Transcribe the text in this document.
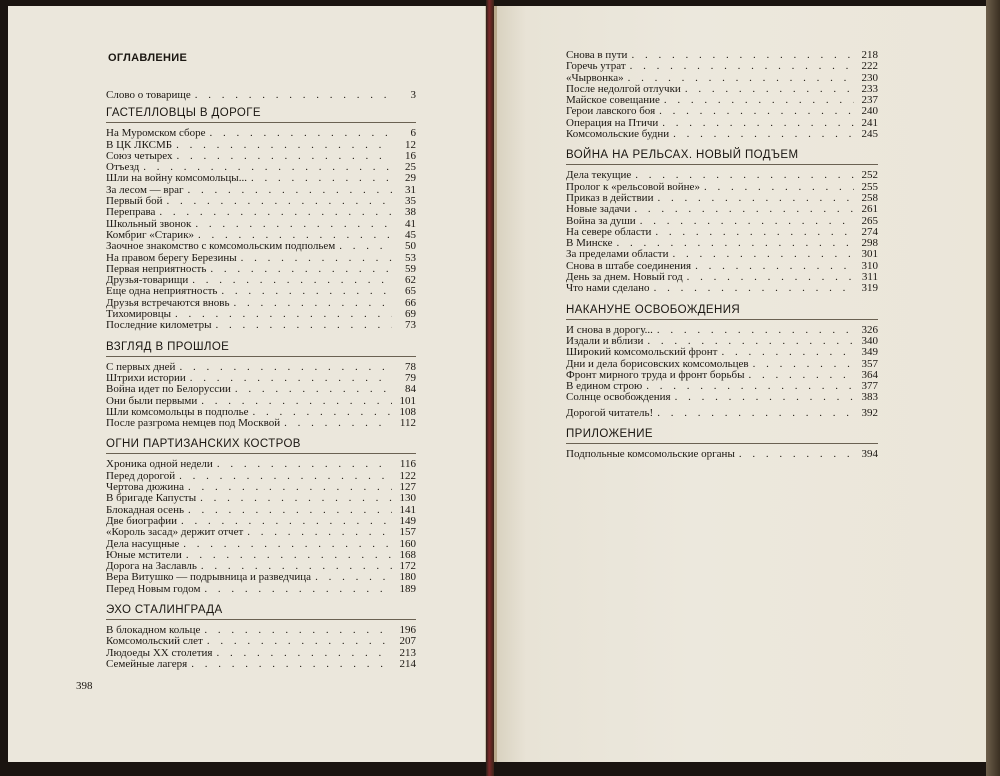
ОГЛАВЛЕНИЕ
Слово о товарище . . .	3
ГАСТЕЛЛОВЦЫ В ДОРОГЕ
На Муромском сборе . . .	6
В ЦК ЛКСМБ . . .	12
Союз четырех . . .	16
Отъезд . . .	25
Шли на войну комсомольцы... . . .	29
За лесом — враг . . .	31
Первый бой . . .	35
Переправа . . .	38
Школьный звонок . . .	41
Комбриг «Старик» . . .	45
Заочное знакомство с комсомольским подпольем . . .	50
На правом берегу Березины . . .	53
Первая неприятность . . .	59
Друзья-товарищи . . .	62
Еще одна неприятность . . .	65
Друзья встречаются вновь . . .	66
Тихомировцы . . .	69
Последние километры . . .	73
ВЗГЛЯД В ПРОШЛОЕ
С первых дней . . .	78
Штрихи истории . . .	79
Война идет по Белоруссии . . .	84
Они были первыми . . .	101
Шли комсомольцы в подполье . . .	108
После разгрома немцев под Москвой . . .	112
ОГНИ ПАРТИЗАНСКИХ КОСТРОВ
Хроника одной недели . . .	116
Перед дорогой . . .	122
Чертова дюжина . . .	127
В бригаде Капусты . . .	130
Блокадная осень . . .	141
Две биографии . . .	149
«Король засад» держит отчет . . .	157
Дела насущные . . .	160
Юные мстители . . .	168
Дорога на Заславль . . .	172
Вера Витушко — подрывница и разведчица . . .	180
Перед Новым годом . . .	189
ЭХО СТАЛИНГРАДА
В блокадном кольце . . .	196
Комсомольский слет . . .	207
Людоеды XX столетия . . .	213
Семейные лагеря . . .	214
Снова в пути . . .	218
Горечь утрат . . .	222
«Чырвонка» . . .	230
После недолгой отлучки . . .	233
Майское совещание . . .	237
Герои лавского боя . . .	240
Операция на Птичи . . .	241
Комсомольские будни . . .	245
ВОЙНА НА РЕЛЬСАХ. НОВЫЙ ПОДЪЕМ
Дела текущие . . .	252
Пролог к «рельсовой войне» . . .	255
Приказ в действии . . .	258
Новые задачи . . .	261
Война за души . . .	265
На севере области . . .	274
В Минске . . .	298
За пределами области . . .	301
Снова в штабе соединения . . .	310
День за днем. Новый год . . .	311
Что нами сделано . . .	319
НАКАНУНЕ ОСВОБОЖДЕНИЯ
И снова в дорогу... . . .	326
Издали и вблизи . . .	340
Широкий комсомольский фронт . . .	349
Дни и дела борисовских комсомольцев . . .	357
Фронт мирного труда и фронт борьбы . . .	364
В едином строю . . .	377
Солнце освобождения . . .	383
Дорогой читатель! . . .	392
ПРИЛОЖЕНИЕ
Подпольные комсомольские органы . . .	394
398
